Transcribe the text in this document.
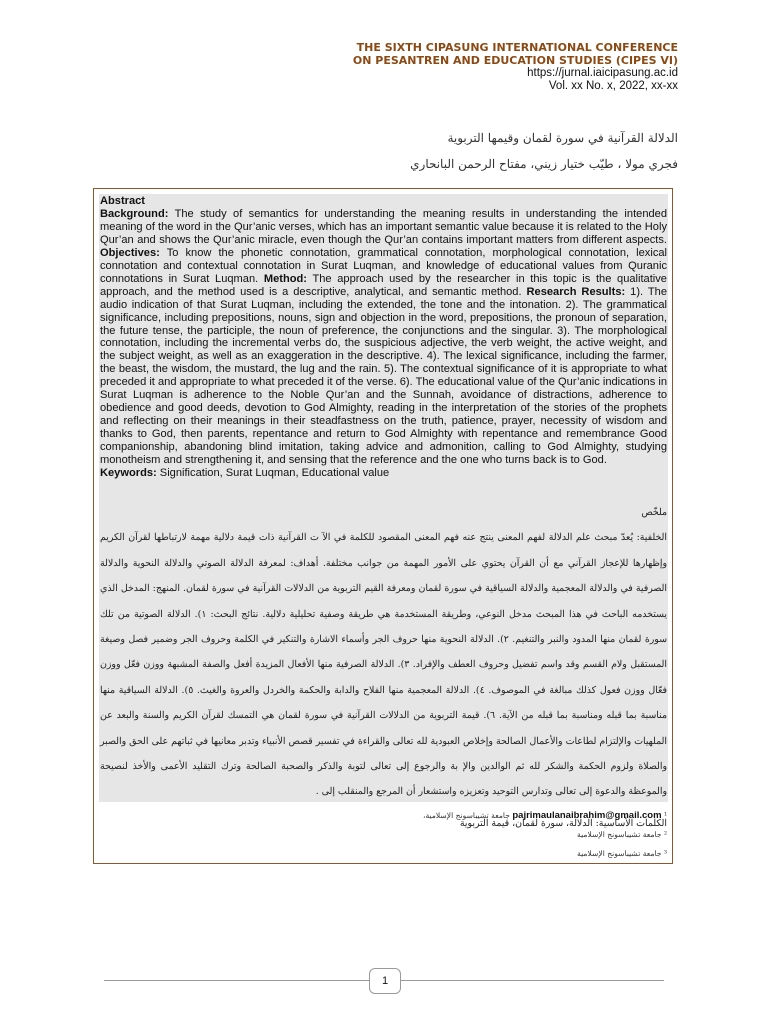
THE SIXTH CIPASUNG INTERNATIONAL CONFERENCE
ON PESANTREN AND EDUCATION STUDIES (CIPES VI)
https://jurnal.iaicipasung.ac.id
Vol. xx No. x, 2022, xx-xx
الدلالة القرآنية في سورة لقمان وقيمها التربوية
فجري مولا ، طيّب ختيار زيني، مفتاح الرحمن البانحاري

Abstract

Background: The study of semantics for understanding the meaning results in understanding the intended meaning of the word in the Qur’anic verses, which has an important semantic value because it is related to the Holy Qur’an and shows the Qur’anic miracle, even though the Qur’an contains important matters from different aspects. Objectives: To know the phonetic connotation, grammatical connotation, morphological connotation, lexical connotation and contextual connotation in Surat Luqman, and knowledge of educational values from Quranic connotations in Surat Luqman. Method: The approach used by the researcher in this topic is the qualitative approach, and the method used is a descriptive, analytical, and semantic method. Research Results: 1). The audio indication of that Surat Luqman, including the extended, the tone and the intonation. 2). The grammatical significance, including prepositions, nouns, sign and objection in the word, prepositions, the pronoun of separation, the future tense, the participle, the noun of preference, the conjunctions and the singular. 3). The morphological connotation, including the incremental verbs do, the suspicious adjective, the verb weight, the active weight, and the subject weight, as well as an exaggeration in the descriptive. 4). The lexical significance, including the farmer, the beast, the wisdom, the mustard, the lug and the rain. 5). The contextual significance of it is appropriate to what preceded it and appropriate to what preceded it of the verse. 6). The educational value of the Qur’anic indications in Surat Luqman is adherence to the Noble Qur’an and the Sunnah, avoidance of distractions, adherence to obedience and good deeds, devotion to God Almighty, reading in the interpretation of the stories of the prophets and reflecting on their meanings in their steadfastness on the truth, patience, prayer, necessity of wisdom and thanks to God, then parents, repentance and return to God Almighty with repentance and remembrance Good companionship, abandoning blind imitation, taking advice and admonition, calling to God Almighty, studying monotheism and strengthening it, and sensing that the reference and the one who turns back is to God.

Keywords: Signification, Surat Luqman, Educational value

ملخّص

الخلفية: يُعدّ مبحث علم الدلالة لفهم المعنى ينتج عنه فهم المعنى المقصود للكلمة في الآ ت القرآنية ذات قيمة دلالية مهمة لارتباطها لقرآن الكريم وإظهارها للإعجاز القرآني مع أن القرآن يحتوي على الأمور المهمة من جوانب مختلفة. أهداف: لمعرفة الدلالة الصوتي والدلالة النحوية والدلالة الصرفية في والدلالة المعجمية والدلالة السياقية في سورة لقمان ومعرفة القيم التربوية من الدلالات القرآنية في سورة لقمان. المنهج: المدخل الذي يستخدمه الباحث في هذا المبحث مدخل النوعي، وطريقة المستخدمة هي طريقة وصفية تحليلية دلالية. نتائج البحث: ١). الدلالة الصوتية من تلك سورة لقمان منها المدود والنبر والتنغيم. ٢). الدلالة النحوية منها حروف الجر وأسماء الاشارة والتنكير في الكلمة وحروف الجر وضمير فصل وصيغة المستقبل ولام القسم وقد واسم تفضيل وحروف العطف والإفراد. ٣). الدلالة الصرفية منها الأفعال المزيدة أفعل والصفة المشبهة ووزن فعّل ووزن فعّال ووزن فعول كذلك مبالغة في الموصوف. ٤). الدلالة المعجمية منها الفلاح والدابة والحكمة والخردل والعروة والغيث. ٥). الدلالة السياقية منها مناسبة بما قبله ومناسبة بما قبله من الآية. ٦). قيمة التربوية من الدلالات القرآنية في سورة لقمان هي التمسك لقرآن الكريم والسنة والبعد عن الملهيات والإلتزام لطاعات والأعمال الصالحة وإخلاص العبودية لله تعالى والقراءة في تفسير قصص الأنبياء وتدبر معانيها في ثباتهم على الحق والصبر والصلاة ولزوم الحكمة والشكر لله ثم الوالدين والإ بة والرجوع إلى تعالى لتوبة والذكر والصحبة الصالحة وترك التقليد الأعمى والأخذ لنصيحة والموعظة والدعوة إلى تعالى وتدارس التوحيد وتعزيزه واستشعار أن المرجع والمنقلب إلى .

الكلمات الأساسية: الدلالة، سورة لقمان، قيمة التربوية

pajrimaulanaibrahim@gmail.com ¹ جامعة تشيباسونج الإسلامية،
² جامعة تشيباسونج الإسلامية
³ جامعة تشيباسونج الإسلامية
1
